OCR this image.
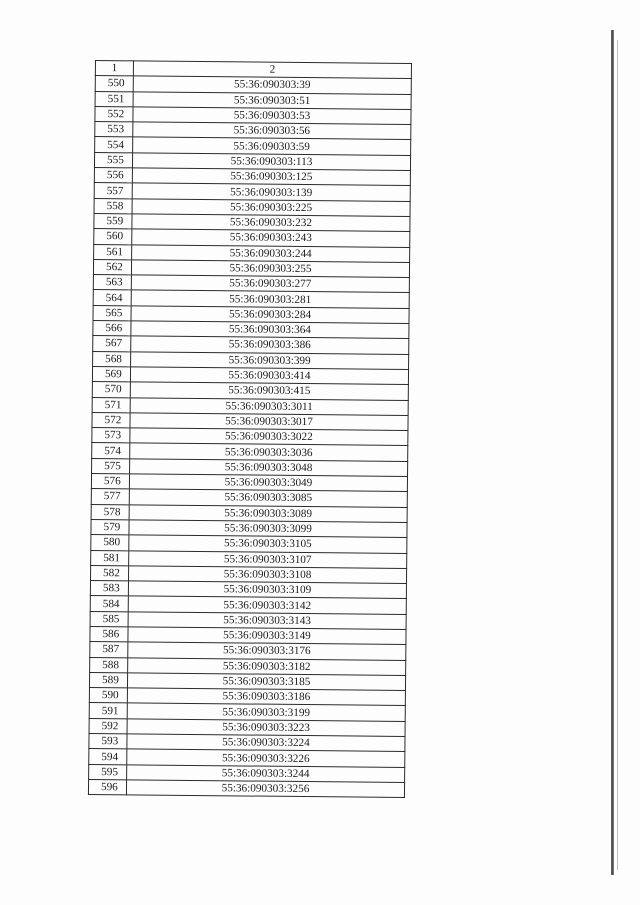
1	2
550	55:36:090303:39
551	55:36:090303:51
552	55:36:090303:53
553	55:36:090303:56
554	55:36:090303:59
555	55:36:090303:113
556	55:36:090303:125
557	55:36:090303:139
558	55:36:090303:225
559	55:36:090303:232
560	55:36:090303:243
561	55:36:090303:244
562	55:36:090303:255
563	55:36:090303:277
564	55:36:090303:281
565	55:36:090303:284
566	55:36:090303:364
567	55:36:090303:386
568	55:36:090303:399
569	55:36:090303:414
570	55:36:090303:415
571	55:36:090303:3011
572	55:36:090303:3017
573	55:36:090303:3022
574	55:36:090303:3036
575	55:36:090303:3048
576	55:36:090303:3049
577	55:36:090303:3085
578	55:36:090303:3089
579	55:36:090303:3099
580	55:36:090303:3105
581	55:36:090303:3107
582	55:36:090303:3108
583	55:36:090303:3109
584	55:36:090303:3142
585	55:36:090303:3143
586	55:36:090303:3149
587	55:36:090303:3176
588	55:36:090303:3182
589	55:36:090303:3185
590	55:36:090303:3186
591	55:36:090303:3199
592	55:36:090303:3223
593	55:36:090303:3224
594	55:36:090303:3226
595	55:36:090303:3244
596	55:36:090303:3256
